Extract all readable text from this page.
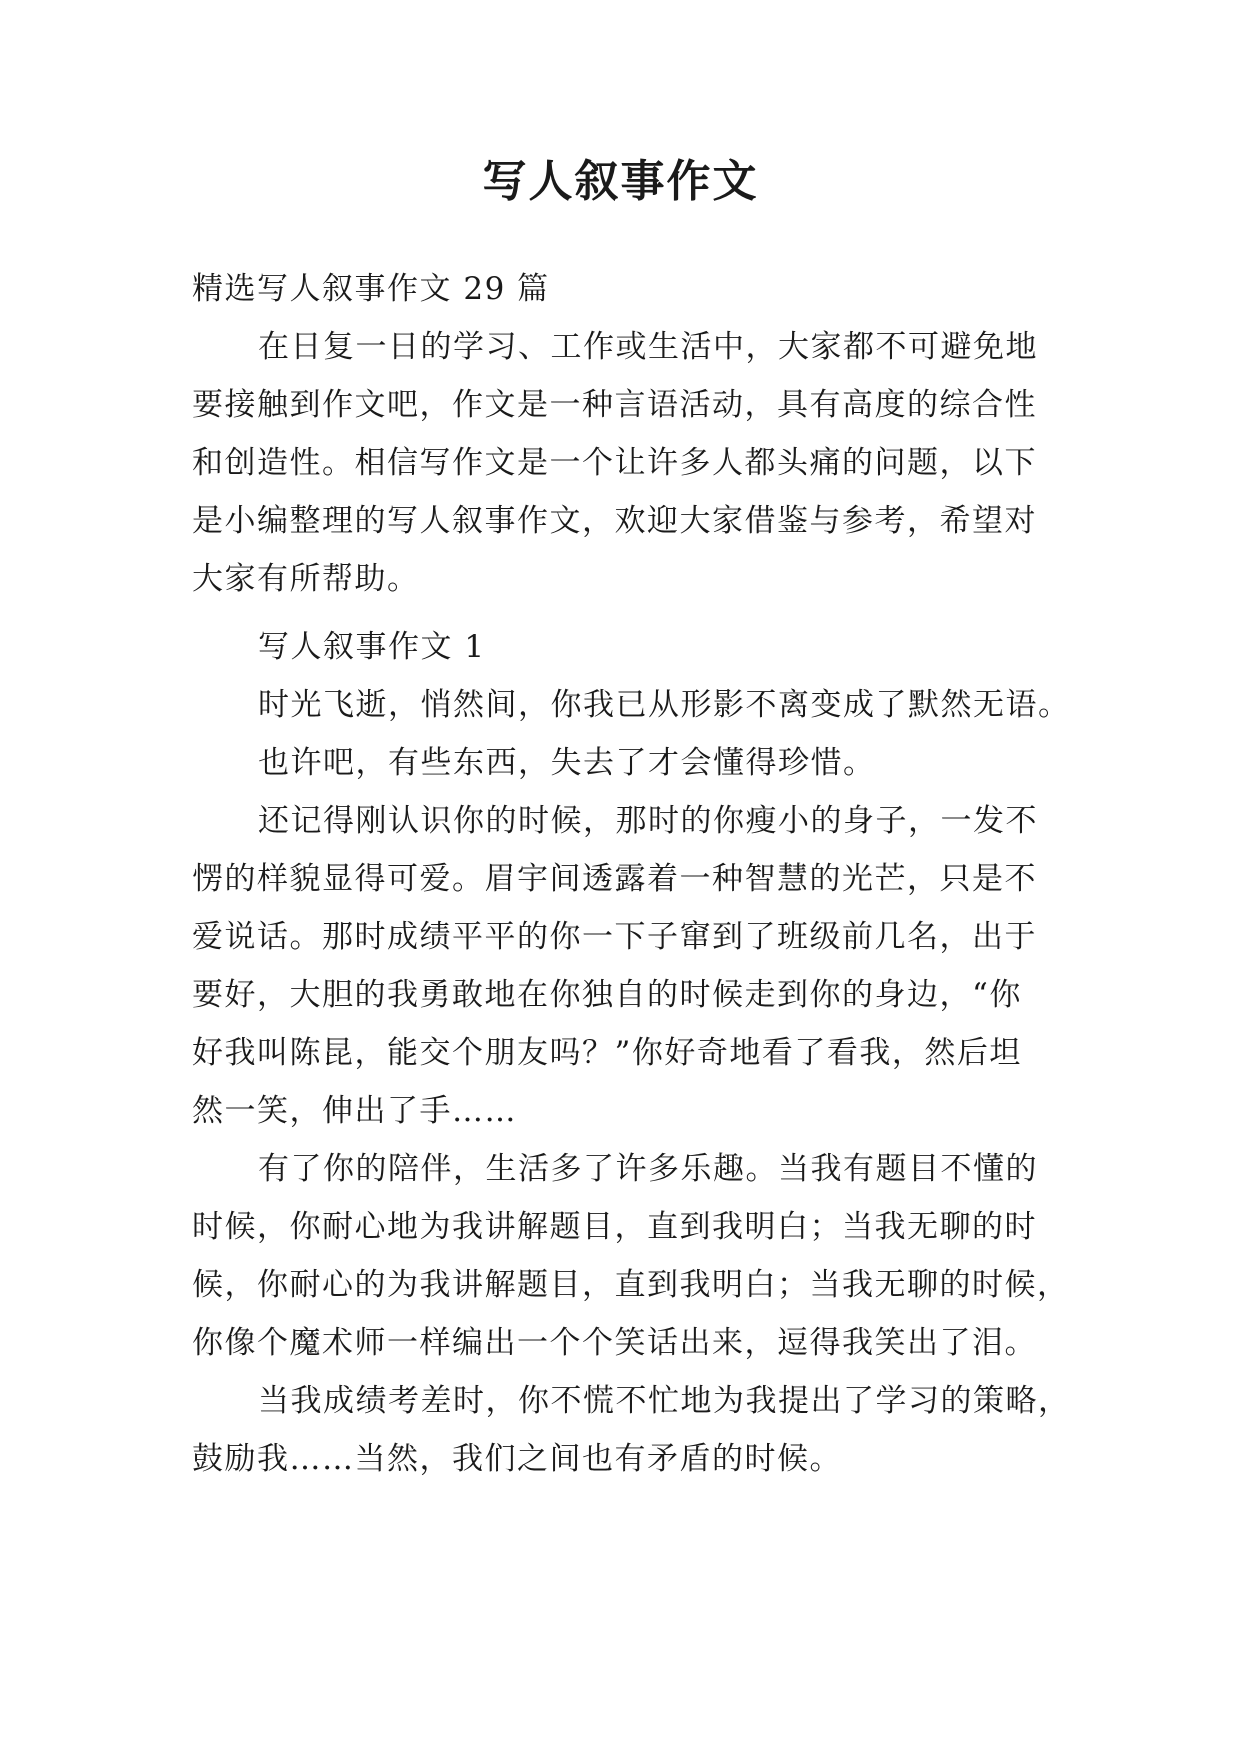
写人叙事作文
精选写人叙事作文 29 篇
在日复一日的学习、工作或生活中，大家都不可避免地
要接触到作文吧，作文是一种言语活动，具有高度的综合性
和创造性。相信写作文是一个让许多人都头痛的问题，以下
是小编整理的写人叙事作文，欢迎大家借鉴与参考，希望对
大家有所帮助。
写人叙事作文 1
时光飞逝，悄然间，你我已从形影不离变成了默然无语。
也许吧，有些东西，失去了才会懂得珍惜。
还记得刚认识你的时候，那时的你瘦小的身子，一发不
愣的样貌显得可爱。眉宇间透露着一种智慧的光芒，只是不
爱说话。那时成绩平平的你一下子窜到了班级前几名，出于
要好，大胆的我勇敢地在你独自的时候走到你的身边，“你
好我叫陈昆，能交个朋友吗？”你好奇地看了看我，然后坦
然一笑，伸出了手……
有了你的陪伴，生活多了许多乐趣。当我有题目不懂的
时候，你耐心地为我讲解题目，直到我明白；当我无聊的时
候，你耐心的为我讲解题目，直到我明白；当我无聊的时候，
你像个魔术师一样编出一个个笑话出来，逗得我笑出了泪。
当我成绩考差时，你不慌不忙地为我提出了学习的策略，
鼓励我……当然，我们之间也有矛盾的时候。
